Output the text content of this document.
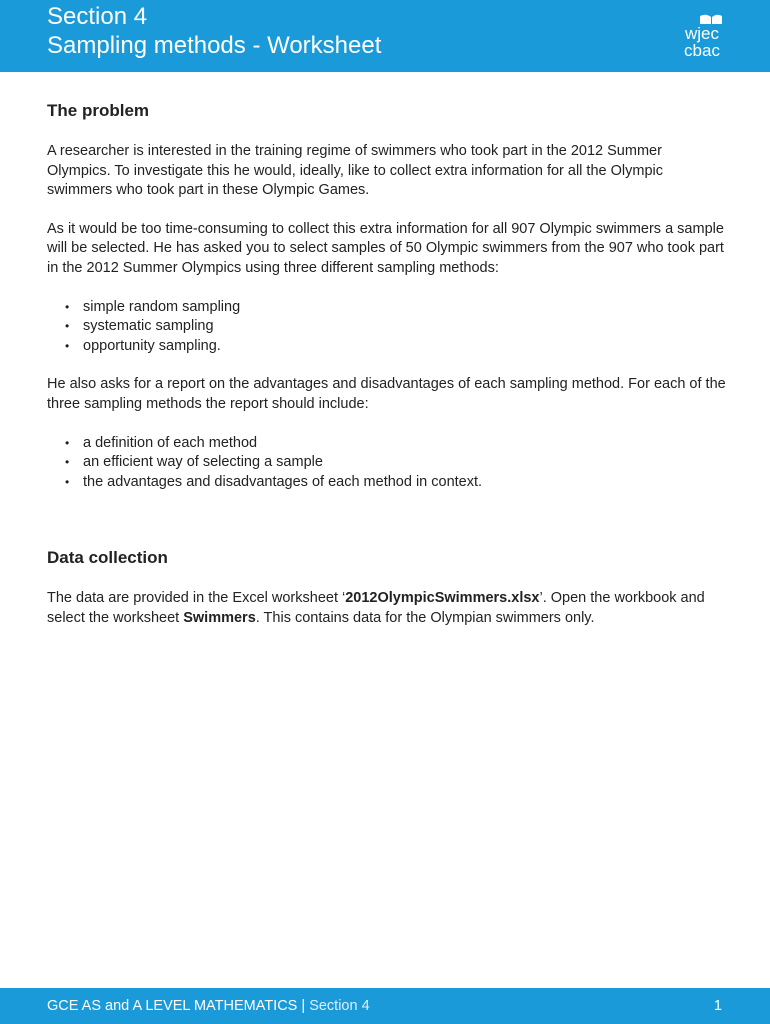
Section 4
Sampling methods - Worksheet	wjec
cbac
The problem

A researcher is interested in the training regime of swimmers who took part in the 2012 Summer Olympics. To investigate this he would, ideally, like to collect extra information for all the Olympic swimmers who took part in these Olympic Games.

As it would be too time-consuming to collect this extra information for all 907 Olympic swimmers a sample will be selected. He has asked you to select samples of 50 Olympic swimmers from the 907 who took part in the 2012 Summer Olympics using three different sampling methods:

• simple random sampling
• systematic sampling
• opportunity sampling.

He also asks for a report on the advantages and disadvantages of each sampling method. For each of the three sampling methods the report should include:

• a definition of each method
• an efficient way of selecting a sample
• the advantages and disadvantages of each method in context.
Data collection

The data are provided in the Excel worksheet ‘2012OlympicSwimmers.xlsx’. Open the workbook and select the worksheet Swimmers. This contains data for the Olympian swimmers only.

GCE AS and A LEVEL MATHEMATICS | Section 4	1
